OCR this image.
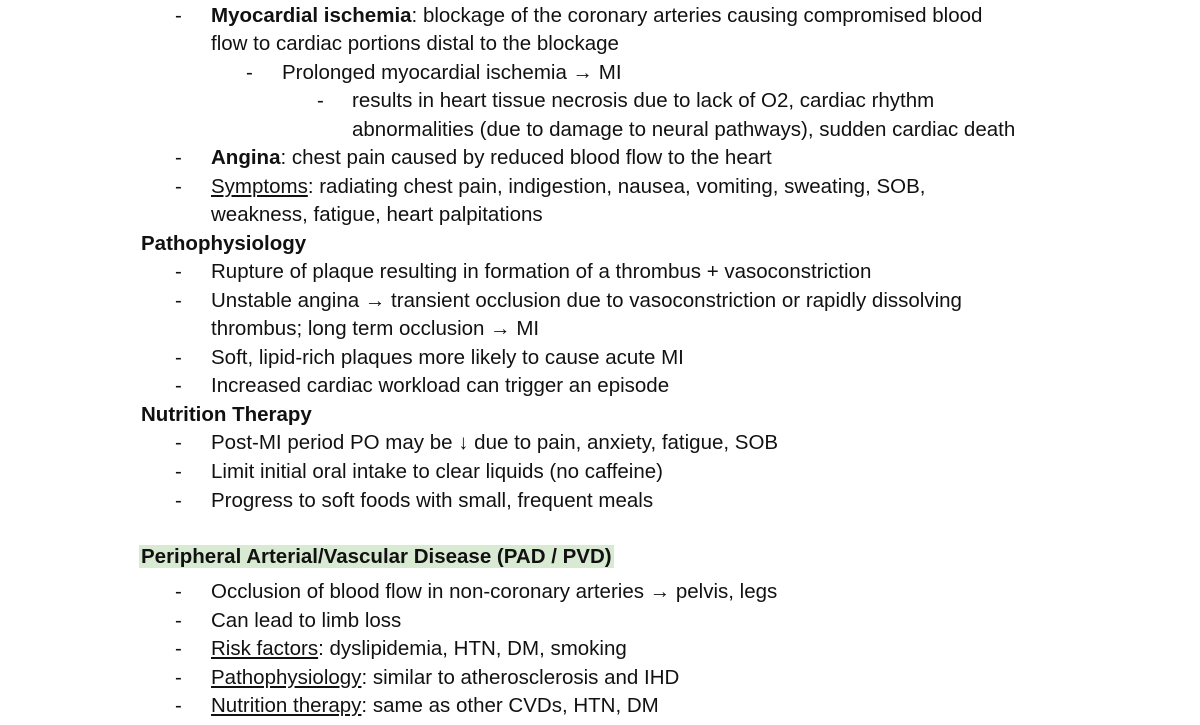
- Myocardial ischemia: blockage of the coronary arteries causing compromised blood
flow to cardiac portions distal to the blockage
- Prolonged myocardial ischemia → MI
- results in heart tissue necrosis due to lack of O2, cardiac rhythm
abnormalities (due to damage to neural pathways), sudden cardiac death
- Angina: chest pain caused by reduced blood flow to the heart
- Symptoms: radiating chest pain, indigestion, nausea, vomiting, sweating, SOB,
weakness, fatigue, heart palpitations
Pathophysiology
- Rupture of plaque resulting in formation of a thrombus + vasoconstriction
- Unstable angina → transient occlusion due to vasoconstriction or rapidly dissolving
thrombus; long term occlusion → MI
- Soft, lipid-rich plaques more likely to cause acute MI
- Increased cardiac workload can trigger an episode
Nutrition Therapy
- Post-MI period PO may be ↓ due to pain, anxiety, fatigue, SOB
- Limit initial oral intake to clear liquids (no caffeine)
- Progress to soft foods with small, frequent meals
Peripheral Arterial/Vascular Disease (PAD / PVD)
- Occlusion of blood flow in non-coronary arteries → pelvis, legs
- Can lead to limb loss
- Risk factors: dyslipidemia, HTN, DM, smoking
- Pathophysiology: similar to atherosclerosis and IHD
- Nutrition therapy: same as other CVDs, HTN, DM
